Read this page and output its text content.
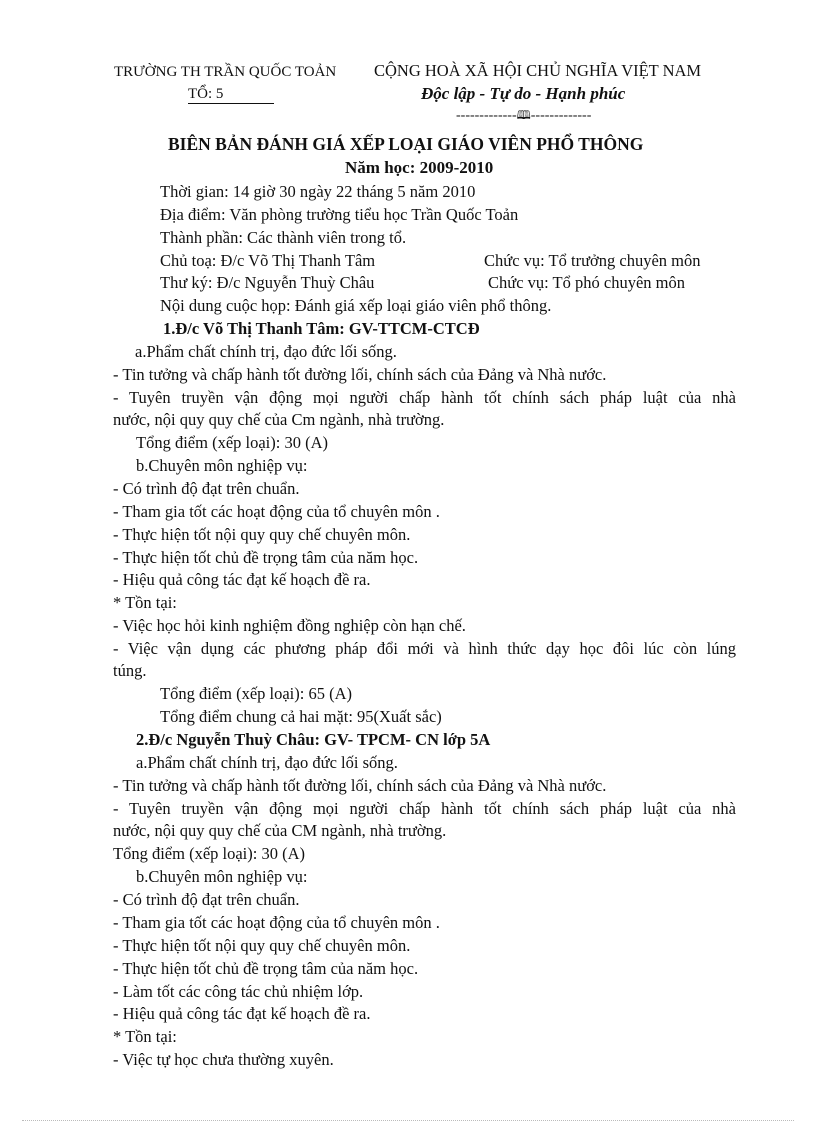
TRƯỜNG TH TRẦN QUỐC TOẢN
TỔ: 5
CỘNG HOÀ XÃ HỘI CHỦ NGHĨA VIỆT NAM
Độc lập - Tự do - Hạnh phúc
-------------🕮-------------
BIÊN BẢN ĐÁNH GIÁ XẾP LOẠI GIÁO VIÊN PHỔ THÔNG
Năm học: 2009-2010
Thời gian: 14 giờ 30 ngày 22 tháng 5 năm 2010
Địa điểm: Văn phòng trường tiểu học Trần Quốc Toản
Thành phần: Các thành viên trong tổ.
Chủ toạ: Đ/c Võ Thị Thanh Tâm	Chức vụ: Tổ trưởng chuyên môn
Thư ký: Đ/c Nguyễn Thuỳ Châu	Chức vụ: Tổ phó chuyên môn
Nội dung cuộc họp: Đánh giá xếp loại giáo viên phổ thông.
1.Đ/c Võ Thị Thanh Tâm: GV-TTCM-CTCĐ
a.Phẩm chất chính trị, đạo đức lối sống.
- Tin tưởng và chấp hành tốt đường lối, chính sách của Đảng và Nhà nước.
- Tuyên truyền vận động mọi người chấp hành tốt chính sách pháp luật của nhà
nước, nội quy quy chế của Cm ngành, nhà trường.
Tổng điểm (xếp loại): 30 (A)
b.Chuyên môn nghiệp vụ:
- Có trình độ đạt trên chuẩn.
- Tham gia tốt các hoạt động của tổ chuyên môn .
- Thực hiện tốt nội quy quy chế chuyên môn.
- Thực hiện tốt chủ đề trọng tâm của năm học.
- Hiệu quả công tác đạt kế hoạch đề ra.
* Tồn tại:
- Việc học hỏi kinh nghiệm đồng nghiệp còn hạn chế.
- Việc vận dụng các phương pháp đổi mới và hình thức dạy học đôi lúc còn lúng
túng.
Tổng điểm (xếp loại): 65 (A)
Tổng điểm chung cả hai mặt: 95(Xuất sắc)
2.Đ/c Nguyễn Thuỳ Châu: GV- TPCM- CN lớp 5A
a.Phẩm chất chính trị, đạo đức lối sống.
- Tin tưởng và chấp hành tốt đường lối, chính sách của Đảng và Nhà nước.
- Tuyên truyền vận động mọi người chấp hành tốt chính sách pháp luật của nhà
nước, nội quy quy chế của CM ngành, nhà trường.
Tổng điểm (xếp loại): 30 (A)
b.Chuyên môn nghiệp vụ:
- Có trình độ đạt trên chuẩn.
- Tham gia tốt các hoạt động của tổ chuyên môn .
- Thực hiện tốt nội quy quy chế chuyên môn.
- Thực hiện tốt chủ đề trọng tâm của năm học.
- Làm tốt các công tác chủ nhiệm lớp.
- Hiệu quả công tác đạt kế hoạch đề ra.
* Tồn tại:
- Việc tự học chưa thường xuyên.
